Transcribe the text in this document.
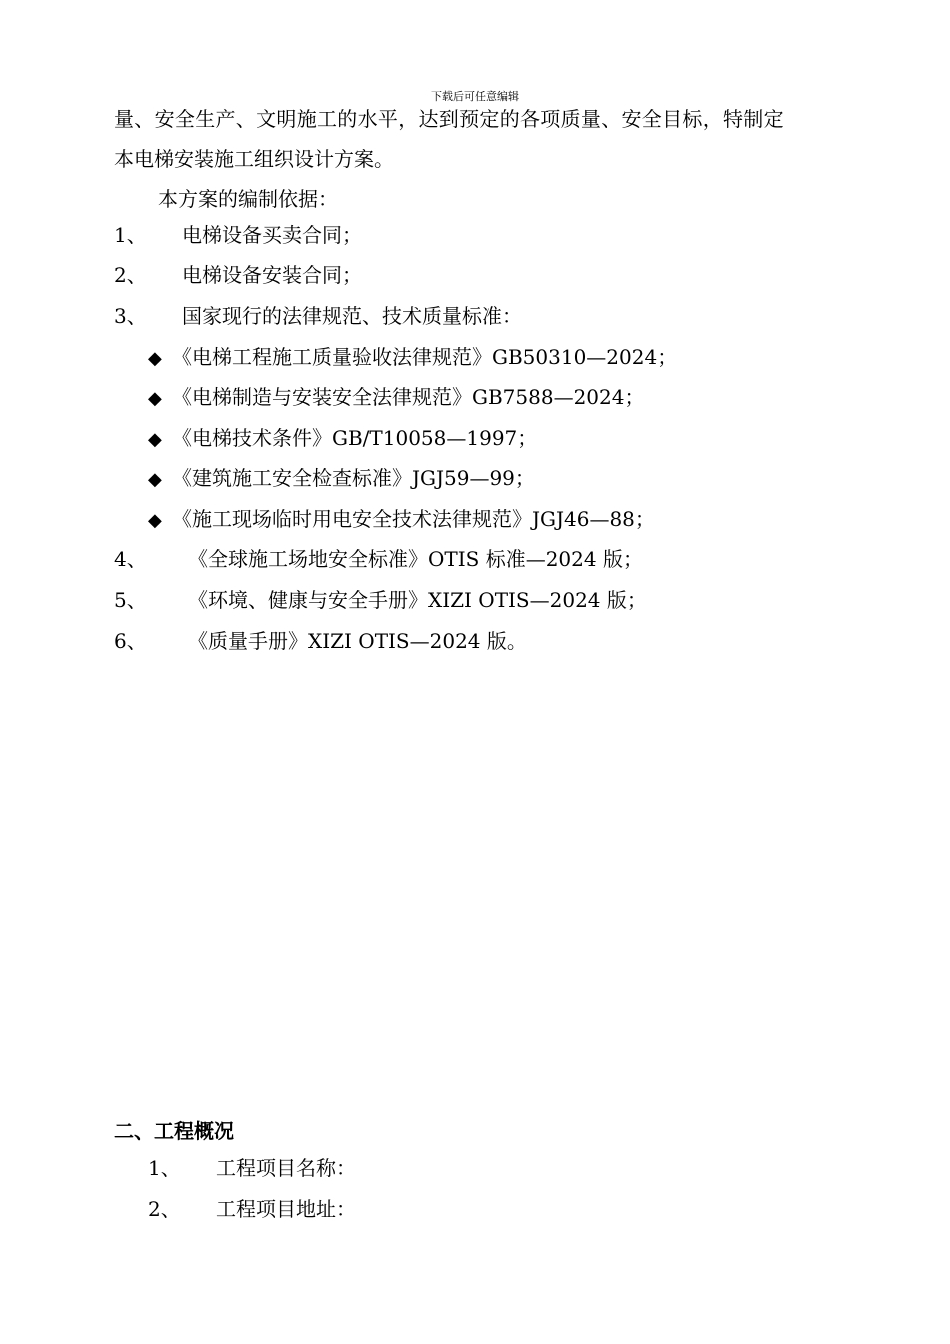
下载后可任意编辑
量、安全生产、文明施工的水平，达到预定的各项质量、安全目标，特制定
本电梯安装施工组织设计方案。
本方案的编制依据：
1、 电梯设备买卖合同；
2、 电梯设备安装合同；
3、 国家现行的法律规范、技术质量标准：
◆ 《电梯工程施工质量验收法律规范》GB50310—2024；
◆ 《电梯制造与安装安全法律规范》GB7588—2024；
◆ 《电梯技术条件》GB/T10058—1997；
◆ 《建筑施工安全检查标准》JGJ59—99；
◆ 《施工现场临时用电安全技术法律规范》JGJ46—88；
4、 《全球施工场地安全标准》OTIS 标准—2024 版；
5、 《环境、健康与安全手册》XIZI OTIS—2024 版；
6、 《质量手册》XIZI OTIS—2024 版。
二、工程概况
1、 工程项目名称：
2、 工程项目地址：
